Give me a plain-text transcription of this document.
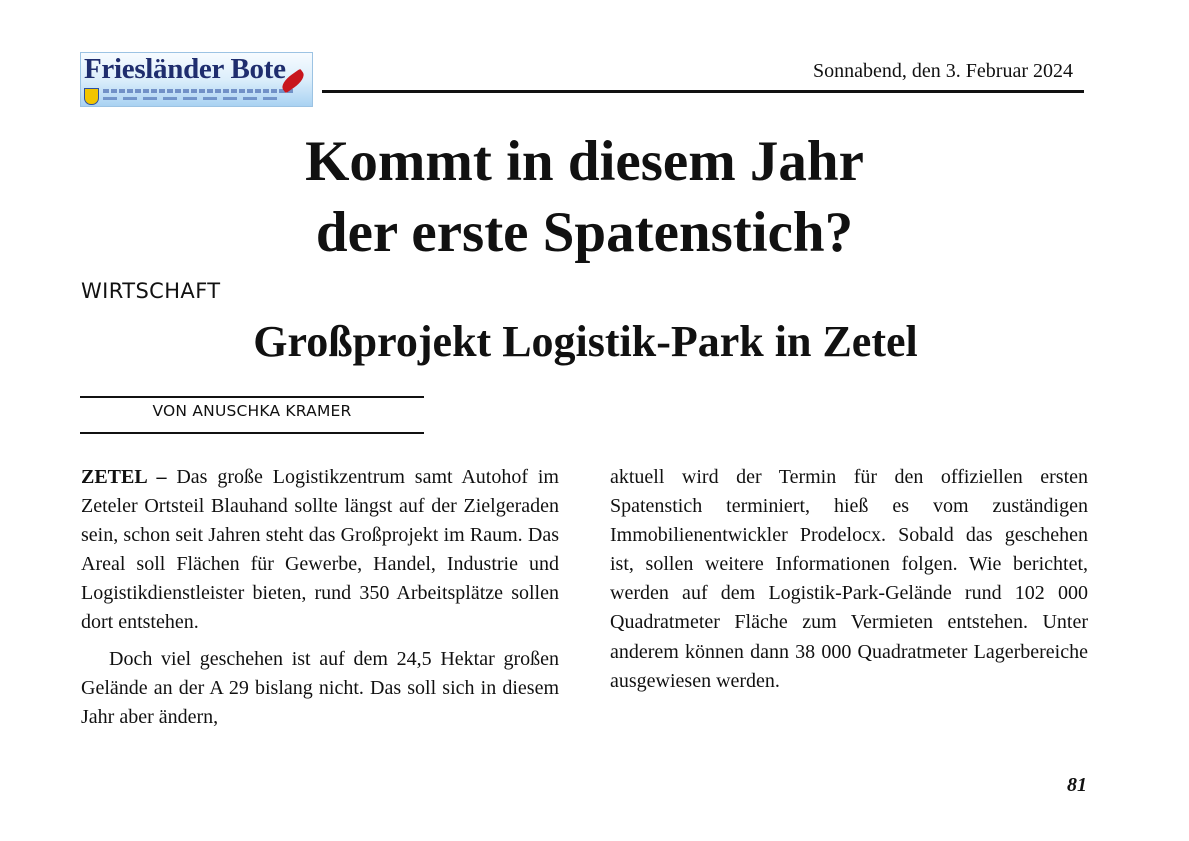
Friesländer Bote	Sonnabend, den 3. Februar 2024
Kommt in diesem Jahr
der erste Spatenstich?
WIRTSCHAFT
Großprojekt Logistik-Park in Zetel
VON ANUSCHKA KRAMER

ZETEL – Das große Logistikzentrum samt Autohof im Zeteler Ortsteil Blauhand sollte längst auf der Zielgeraden sein, schon seit Jahren steht das Großprojekt im Raum. Das Areal soll Flächen für Gewerbe, Handel, Industrie und Logistikdienstleister bieten, rund 350 Arbeitsplätze sollen dort entstehen.

Doch viel geschehen ist auf dem 24,5 Hektar großen Gelände an der A 29 bislang nicht. Das soll sich in diesem Jahr aber ändern,

aktuell wird der Termin für den offiziellen ersten Spatenstich terminiert, hieß es vom zuständigen Immobilienentwickler Prodelocx. Sobald das geschehen ist, sollen weitere Informationen folgen. Wie berichtet, werden auf dem Logistik-Park-Gelände rund 102 000 Quadratmeter Fläche zum Vermieten entstehen. Unter anderem können dann 38 000 Quadratmeter Lagerbereiche ausgewiesen werden.

81
